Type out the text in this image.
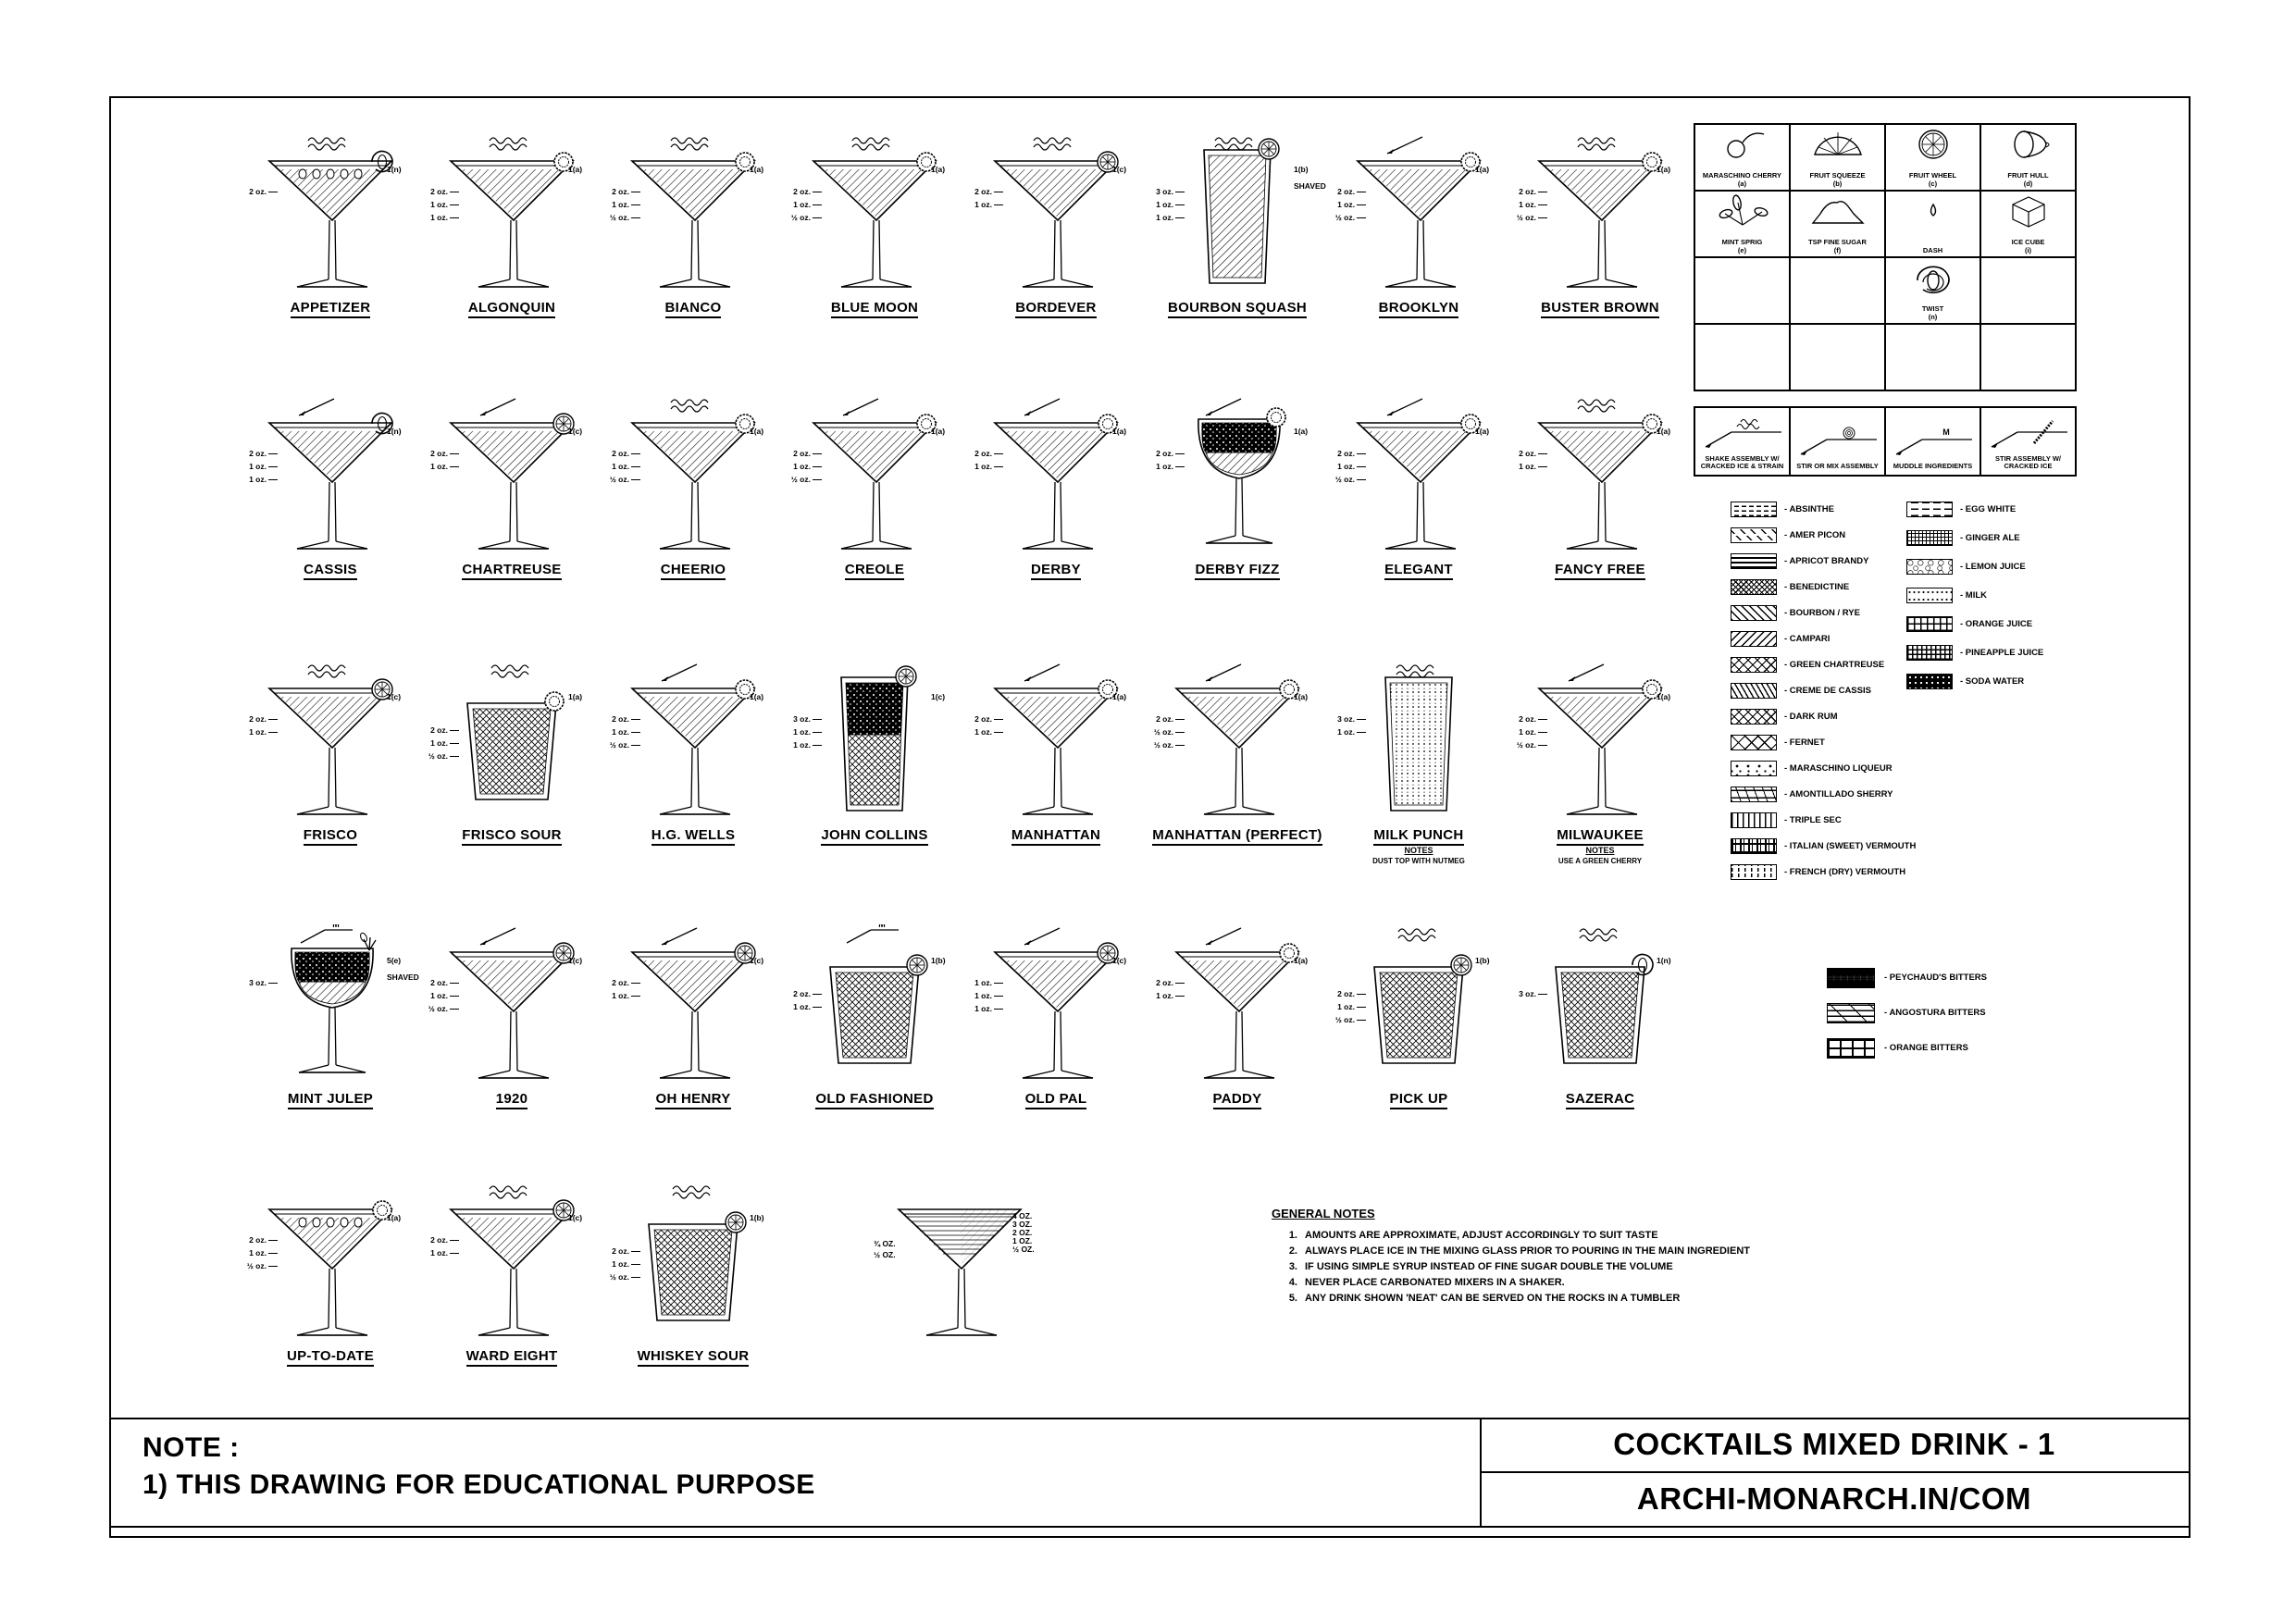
2 oz.
1(n)
APPETIZER
2 oz.
1 oz.
1 oz.
1(a)
ALGONQUIN
2 oz.
1 oz.
½ oz.
1(a)
BIANCO
2 oz.
1 oz.
½ oz.
1(a)
BLUE MOON
2 oz.
1 oz.
1(c)
BORDEVER
3 oz.
1 oz.
1 oz.
1(b)
SHAVED
BOURBON SQUASH
2 oz.
1 oz.
½ oz.
1(a)
BROOKLYN
2 oz.
1 oz.
½ oz.
1(a)
BUSTER BROWN
2 oz.
1 oz.
1 oz.
1(n)
CASSIS
2 oz.
1 oz.
1(c)
CHARTREUSE
2 oz.
1 oz.
½ oz.
1(a)
CHEERIO
2 oz.
1 oz.
½ oz.
1(a)
CREOLE
2 oz.
1 oz.
1(a)
DERBY
2 oz.
1 oz.
1(a)
DERBY FIZZ
2 oz.
1 oz.
½ oz.
1(a)
ELEGANT
2 oz.
1 oz.
1(a)
FANCY FREE
2 oz.
1 oz.
1(c)
FRISCO
2 oz.
1 oz.
½ oz.
1(a)
FRISCO SOUR
2 oz.
1 oz.
½ oz.
1(a)
H.G. WELLS
3 oz.
1 oz.
1 oz.
1(c)
JOHN COLLINS
2 oz.
1 oz.
1(a)
MANHATTAN
2 oz.
½ oz.
½ oz.
1(a)
MANHATTAN (PERFECT)
3 oz.
1 oz.
MILK PUNCH
NOTES
DUST TOP WITH NUTMEG
2 oz.
1 oz.
½ oz.
1(a)
MILWAUKEE
NOTES
USE A GREEN CHERRY
M
3 oz.
5(e)
SHAVED
MINT JULEP
2 oz.
1 oz.
½ oz.
1(c)
1920
2 oz.
1 oz.
1(c)
OH HENRY
M
2 oz.
1 oz.
1(b)
OLD FASHIONED
1 oz.
1 oz.
1 oz.
1(c)
OLD PAL
2 oz.
1 oz.
1(a)
PADDY
2 oz.
1 oz.
½ oz.
1(b)
PICK UP
3 oz.
1(n)
SAZERAC
2 oz.
1 oz.
½ oz.
1(a)
UP-TO-DATE
2 oz.
1 oz.
1(c)
WARD EIGHT
2 oz.
1 oz.
½ oz.
1(b)
WHISKEY SOUR
4 OZ.
3 OZ.
2 OZ.
1 OZ.
½ OZ.
¾ OZ.
½ OZ.
MARASCHINO CHERRY
(a)
FRUIT SQUEEZE
(b)
FRUIT WHEEL
(c)
FRUIT HULL
(d)
MINT SPRIG
(e)
TSP FINE SUGAR
(f)	DASH
ICE CUBE
(i)
TWIST
(n)
SHAKE ASSEMBLY W/ CRACKED ICE & STRAIN	STIR OR MIX ASSEMBLY
M
MUDDLE INGREDIENTS
STIR ASSEMBLY W/ CRACKED ICE
- ABSINTHE
- AMER PICON
- APRICOT BRANDY
- BENEDICTINE
- BOURBON / RYE
- CAMPARI
- GREEN CHARTREUSE
- CREME DE CASSIS
- DARK RUM
- FERNET
- MARASCHINO LIQUEUR
- AMONTILLADO SHERRY
- TRIPLE SEC
- ITALIAN (SWEET) VERMOUTH
- FRENCH (DRY) VERMOUTH
- EGG WHITE
- GINGER ALE
- LEMON JUICE
- MILK
- ORANGE JUICE
- PINEAPPLE JUICE
- SODA WATER
- PEYCHAUD'S BITTERS
- ANGOSTURA BITTERS
- ORANGE BITTERS
GENERAL NOTES
1. AMOUNTS ARE APPROXIMATE, ADJUST ACCORDINGLY TO SUIT TASTE
2. ALWAYS PLACE ICE IN THE MIXING GLASS PRIOR TO POURING IN THE MAIN INGREDIENT
3. IF USING SIMPLE SYRUP INSTEAD OF FINE SUGAR DOUBLE THE VOLUME
4. NEVER PLACE CARBONATED MIXERS IN A SHAKER.
5. ANY DRINK SHOWN 'NEAT' CAN BE SERVED ON THE ROCKS IN A TUMBLER
NOTE :
1) THIS DRAWING FOR EDUCATIONAL PURPOSE
COCKTAILS MIXED DRINK - 1
ARCHI-MONARCH.IN/COM
